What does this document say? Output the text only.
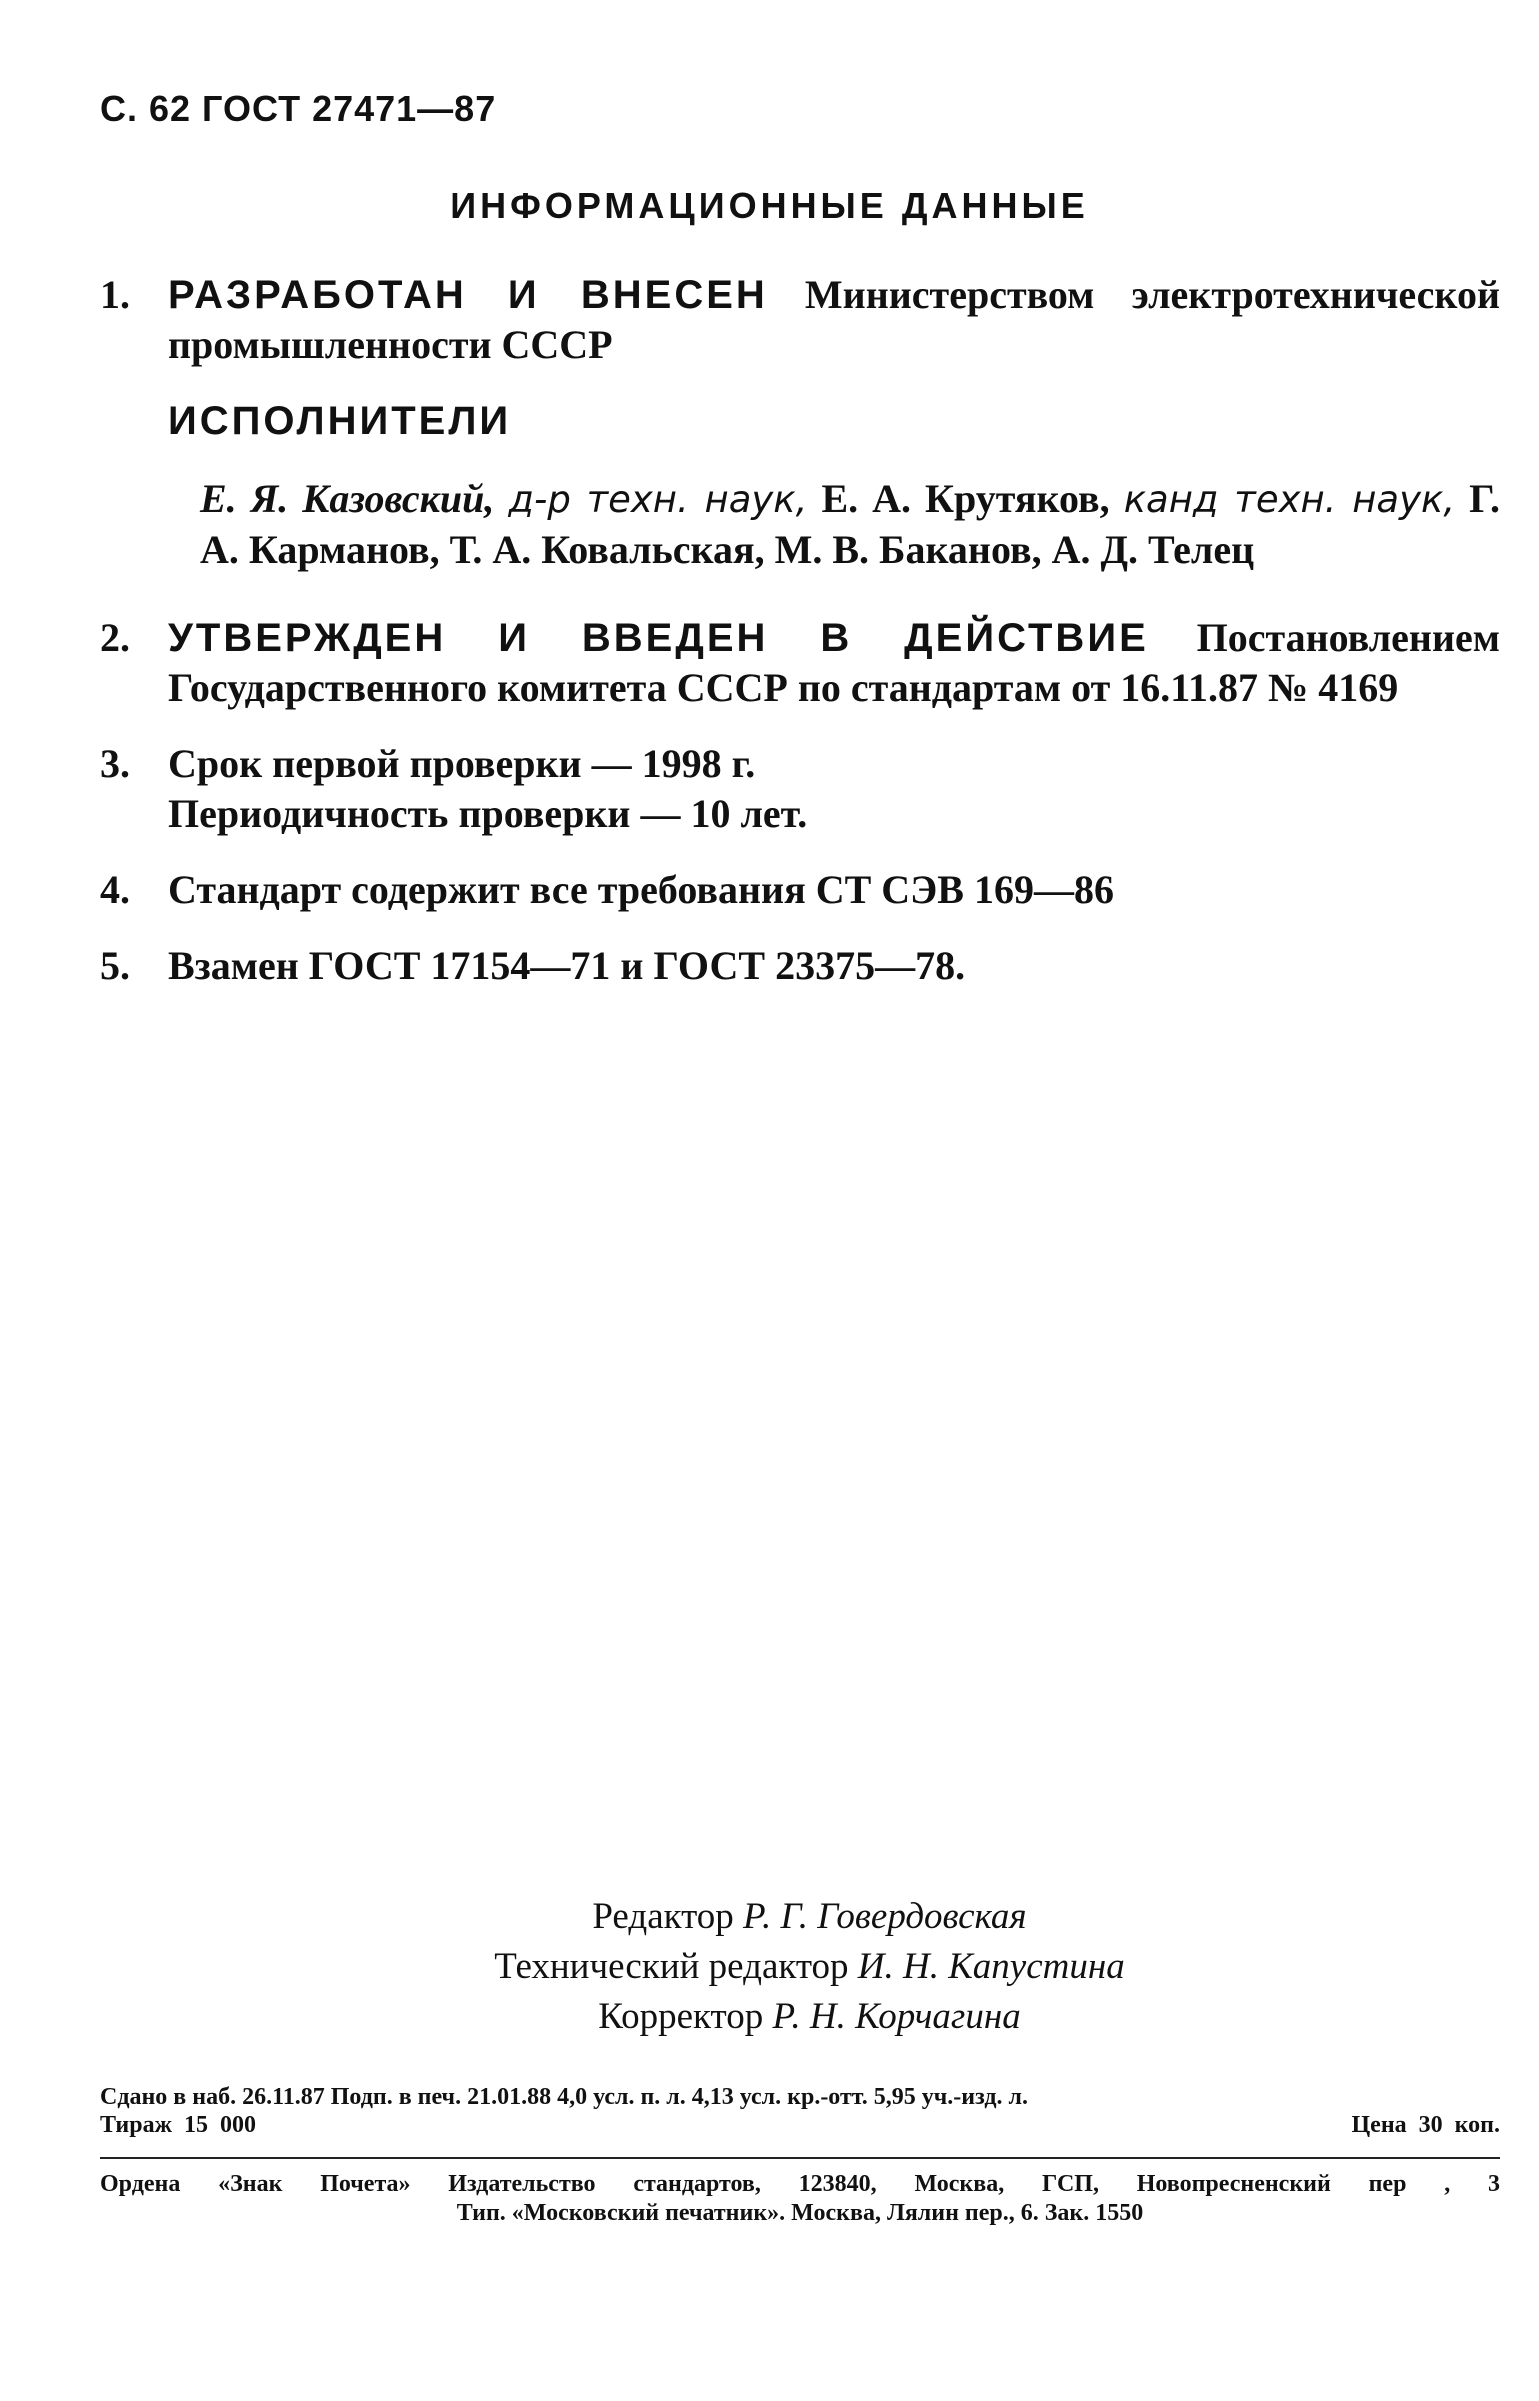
С. 62 ГОСТ 27471—87
ИНФОРМАЦИОННЫЕ ДАННЫЕ
1. РАЗРАБОТАН И ВНЕСЕН Министерством электротехнической промышленности СССР
ИСПОЛНИТЕЛИ
Е. Я. Казовский, д-р техн. наук, Е. А. Крутяков, канд техн. наук, Г. А. Карманов, Т. А. Ковальская, М. В. Баканов, А. Д. Телец
2. УТВЕРЖДЕН И ВВЕДЕН В ДЕЙСТВИЕ Постановлением Государственного комитета СССР по стандартам от 16.11.87 № 4169
3. Срок первой проверки — 1998 г.
Периодичность проверки — 10 лет.
4. Стандарт содержит все требования СТ СЭВ 169—86
5. Взамен ГОСТ 17154—71 и ГОСТ 23375—78.
Редактор Р. Г. Говердовская
Технический редактор И. Н. Капустина
Корректор Р. Н. Корчагина
Сдано в наб. 26.11.87 Подп. в печ. 21.01.88 4,0 усл. п. л. 4,13 усл. кр.-отт. 5,95 уч.-изд. л.
Тираж 15 000	Цена 30 коп.
Ордена «Знак Почета» Издательство стандартов, 123840, Москва, ГСП, Новопресненский пер , 3
Тип. «Московский печатник». Москва, Лялин пер., 6. Зак. 1550
